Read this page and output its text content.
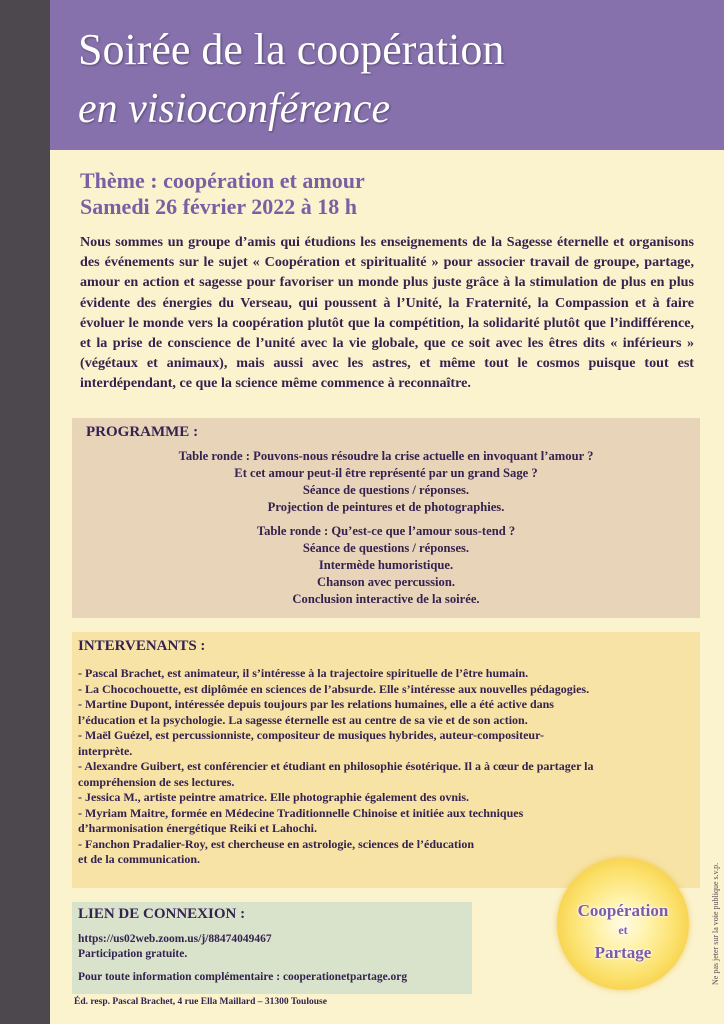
Soirée de la coopération
en visioconférence
Thème : coopération et amour
Samedi 26 février 2022 à 18 h
Nous sommes un groupe d’amis qui étudions les enseignements de la Sagesse éternelle et organisons des événements sur le sujet « Coopération et spiritualité » pour associer travail de groupe, partage, amour en action et sagesse pour favoriser un monde plus juste grâce à la stimulation de plus en plus évidente des énergies du Verseau, qui poussent à l’Unité, la Fraternité, la Compassion et à faire évoluer le monde vers la coopération plutôt que la compétition, la solidarité plutôt que l’indifférence, et la prise de conscience de l’unité avec la vie globale, que ce soit avec les êtres dits « inférieurs » (végétaux et animaux), mais aussi avec les astres, et même tout le cosmos puisque tout est interdépendant, ce que la science même commence à reconnaître.
PROGRAMME :
Table ronde : Pouvons-nous résoudre la crise actuelle en invoquant l’amour ?
Et cet amour peut-il être représenté par un grand Sage ?
Séance de questions / réponses.
Projection de peintures et de photographies.
Table ronde : Qu’est-ce que l’amour sous-tend ?
Séance de questions / réponses.
Intermède humoristique.
Chanson avec percussion.
Conclusion interactive de la soirée.
INTERVENANTS :
- Pascal Brachet, est animateur, il s’intéresse à la trajectoire spirituelle de l’être humain.
- La Chocochouette, est diplômée en sciences de l’absurde. Elle s’intéresse aux nouvelles pédagogies.
- Martine Dupont, intéressée depuis toujours par les relations humaines, elle a été active dans
l’éducation et la psychologie. La sagesse éternelle est au centre de sa vie et de son action.
- Maël Guézel, est percussionniste, compositeur de musiques hybrides, auteur-compositeur-
interprète.
- Alexandre Guibert, est conférencier et étudiant en philosophie ésotérique. Il a à cœur de partager la
compréhension de ses lectures.
- Jessica M., artiste peintre amatrice. Elle photographie également des ovnis.
- Myriam Maitre, formée en Médecine Traditionnelle Chinoise et initiée aux techniques
d’harmonisation énergétique Reiki et Lahochi.
- Fanchon Pradalier-Roy, est chercheuse en astrologie, sciences de l’éducation
et de la communication.
LIEN DE CONNEXION :
https://us02web.zoom.us/j/88474049467
Participation gratuite.
Pour toute information complémentaire : cooperationetpartage.org
Éd. resp. Pascal Brachet, 4 rue Ella Maillard – 31300 Toulouse
Coopération
et
Partage	Ne pas jeter sur la voie publique s.v.p.
